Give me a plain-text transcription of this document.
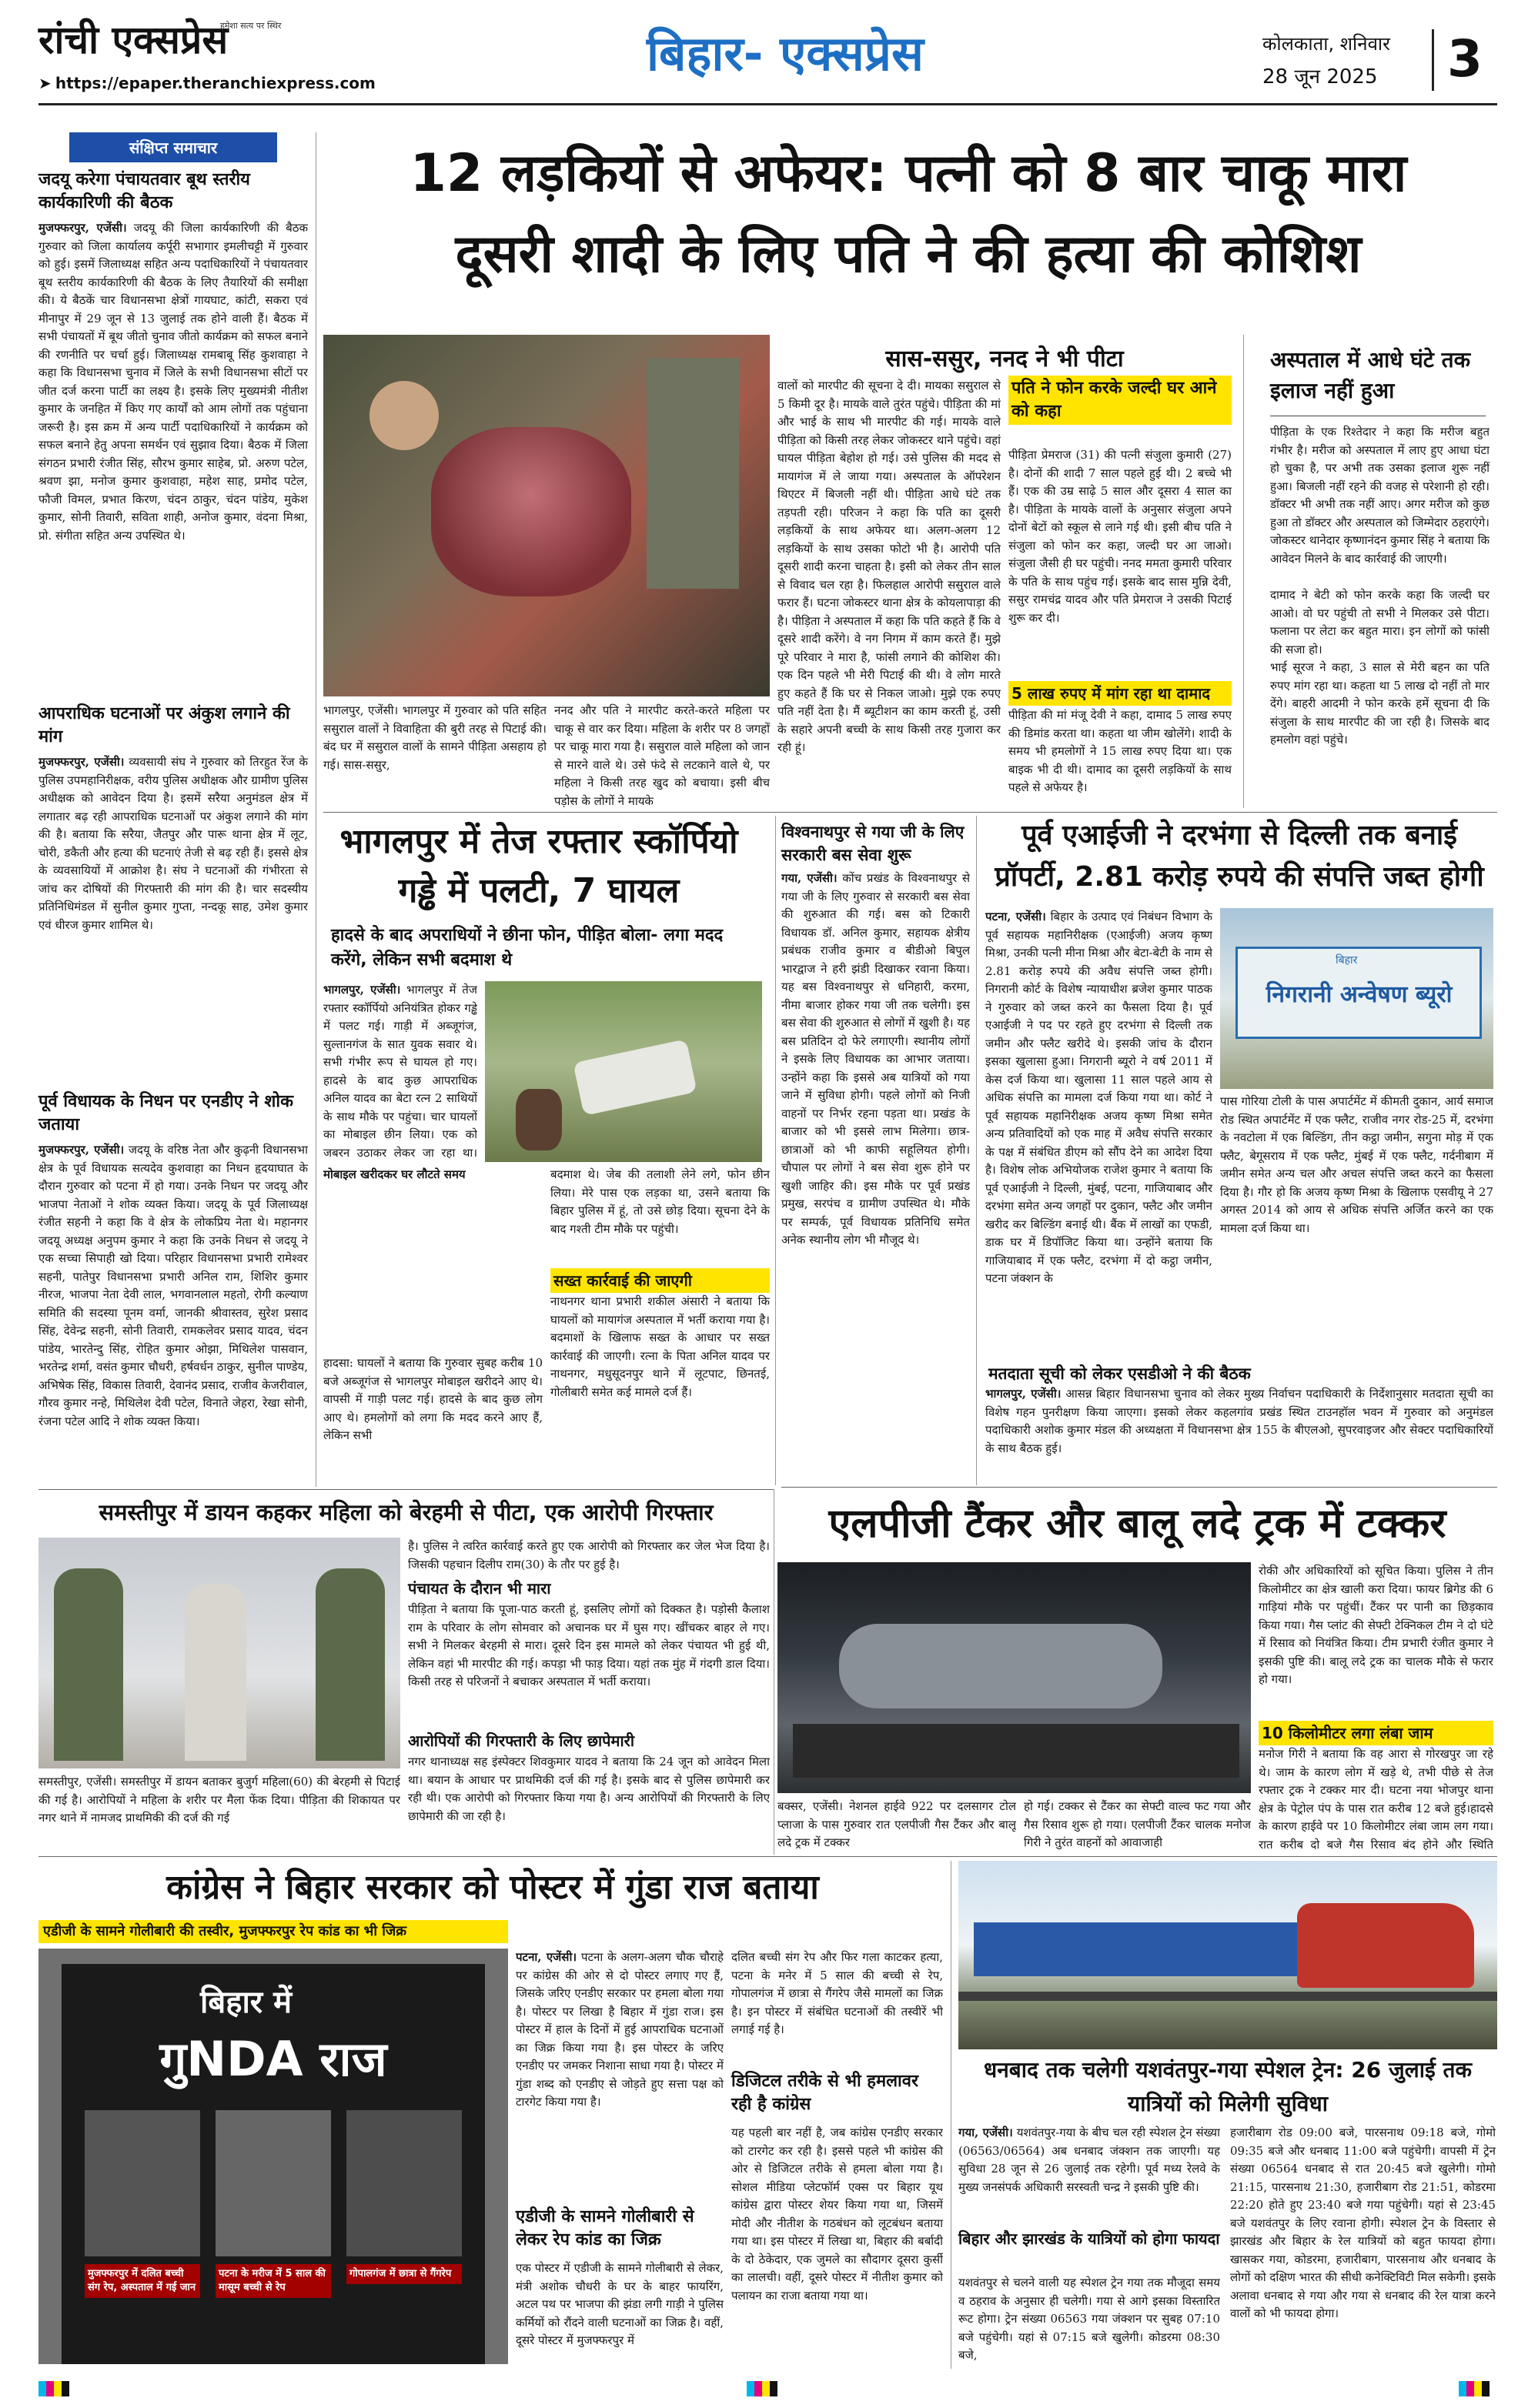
रांची एक्सप्रेस
हमेशा सत्य पर स्थिर
➤ https://epaper.theranchiexpress.com
बिहार- एक्सप्रेस	कोलकाता, शनिवार
28 जून 2025	3
संक्षिप्त समाचार
जदयू करेगा पंचायतवार बूथ स्तरीय कार्यकारिणी की बैठक
मुजफ्फरपुर, एजेंसी। जदयू की जिला कार्यकारिणी की बैठक गुरुवार को जिला कार्यालय कर्पूरी सभागार इमलीचट्टी में गुरुवार को हुई। इसमें जिलाध्यक्ष सहित अन्य पदाधिकारियों ने पंचायतवार बूथ स्तरीय कार्यकारिणी की बैठक के लिए तैयारियों की समीक्षा की। ये बैठकें चार विधानसभा क्षेत्रों गायघाट, कांटी, सकरा एवं मीनापुर में 29 जून से 13 जुलाई तक होने वाली हैं। बैठक में सभी पंचायतों में बूथ जीतो चुनाव जीतो कार्यक्रम को सफल बनाने की रणनीति पर चर्चा हुई। जिलाध्यक्ष रामबाबू सिंह कुशवाहा ने कहा कि विधानसभा चुनाव में जिले के सभी विधानसभा सीटों पर जीत दर्ज करना पार्टी का लक्ष्य है। इसके लिए मुख्यमंत्री नीतीश कुमार के जनहित में किए गए कार्यों को आम लोगों तक पहुंचाना जरूरी है। इस क्रम में अन्य पार्टी पदाधिकारियों ने कार्यक्रम को सफल बनाने हेतु अपना समर्थन एवं सुझाव दिया। बैठक में जिला संगठन प्रभारी रंजीत सिंह, सौरभ कुमार साहेब, प्रो. अरुण पटेल, श्रवण झा, मनोज कुमार कुशवाहा, महेश साह, प्रमोद पटेल, फौजी विमल, प्रभात किरण, चंदन ठाकुर, चंदन पांडेय, मुकेश कुमार, सोनी तिवारी, सविता शाही, अनोज कुमार, वंदना मिश्रा, प्रो. संगीता सहित अन्य उपस्थित थे।
आपराधिक घटनाओं पर अंकुश लगाने की मांग
मुजफ्फरपुर, एजेंसी। व्यवसायी संघ ने गुरुवार को तिरहुत रेंज के पुलिस उपमहानिरीक्षक, वरीय पुलिस अधीक्षक और ग्रामीण पुलिस अधीक्षक को आवेदन दिया है। इसमें सरैया अनुमंडल क्षेत्र में लगातार बढ़ रही आपराधिक घटनाओं पर अंकुश लगाने की मांग की है। बताया कि सरैया, जैतपुर और पारू थाना क्षेत्र में लूट, चोरी, डकैती और हत्या की घटनाएं तेजी से बढ़ रही हैं। इससे क्षेत्र के व्यवसायियों में आक्रोश है। संघ ने घटनाओं की गंभीरता से जांच कर दोषियों की गिरफ्तारी की मांग की है। चार सदस्यीय प्रतिनिधिमंडल में सुनील कुमार गुप्ता, नन्दकू साह, उमेश कुमार एवं धीरज कुमार शामिल थे।
पूर्व विधायक के निधन पर एनडीए ने शोक जताया
मुजफ्फरपुर, एजेंसी। जदयू के वरिष्ठ नेता और कुढ़नी विधानसभा क्षेत्र के पूर्व विधायक सत्यदेव कुशवाहा का निधन हृदयाघात के दौरान गुरुवार को पटना में हो गया। उनके निधन पर जदयू और भाजपा नेताओं ने शोक व्यक्त किया। जदयू के पूर्व जिलाध्यक्ष रंजीत सहनी ने कहा कि वे क्षेत्र के लोकप्रिय नेता थे। महानगर जदयू अध्यक्ष अनुपम कुमार ने कहा कि उनके निधन से जदयू ने एक सच्चा सिपाही खो दिया। परिहार विधानसभा प्रभारी रामेश्वर सहनी, पातेपुर विधानसभा प्रभारी अनिल राम, शिशिर कुमार नीरज, भाजपा नेता देवी लाल, भगवानलाल महतो, रोगी कल्याण समिति की सदस्या पूनम वर्मा, जानकी श्रीवास्तव, सुरेश प्रसाद सिंह, देवेन्द्र सहनी, सोनी तिवारी, रामकलेवर प्रसाद यादव, चंदन पांडेय, भारतेन्दु सिंह, रोहित कुमार ओझा, मिथिलेश पासवान, भरतेन्द्र शर्मा, वसंत कुमार चौधरी, हर्षवर्धन ठाकुर, सुनील पाण्डेय, अभिषेक सिंह, विकास तिवारी, देवानंद प्रसाद, राजीव केजरीवाल, गौरव कुमार नन्हे, मिथिलेश देवी पटेल, विनाते जेहरा, रेखा सोनी, रंजना पटेल आदि ने शोक व्यक्त किया।
12 लड़कियों से अफेयर: पत्नी को 8 बार चाकू मारा
दूसरी शादी के लिए पति ने की हत्या की कोशिश
सास-ससुर, ननद ने भी पीटा
भागलपुर, एजेंसी। भागलपुर में गुरुवार को पति सहित ससुराल वालों ने विवाहिता की बुरी तरह से पिटाई की। बंद घर में ससुराल वालों के सामने पीड़िता असहाय हो गई। सास-ससुर,
ननद और पति ने मारपीट करते-करते महिला पर चाकू से वार कर दिया। महिला के शरीर पर 8 जगहों पर चाकू मारा गया है। ससुराल वाले महिला को जान से मारने वाले थे। उसे फंदे से लटकाने वाले थे, पर महिला ने किसी तरह खुद को बचाया। इसी बीच पड़ोस के लोगों ने मायके
वालों को मारपीट की सूचना दे दी। मायका ससुराल से 5 किमी दूर है। मायके वाले तुरंत पहुंचे। पीड़िता की मां और भाई के साथ भी मारपीट की गई। मायके वाले पीड़िता को किसी तरह लेकर जोकस्टर थाने पहुंचे। वहां घायल पीड़िता बेहोश हो गई। उसे पुलिस की मदद से मायागंज में ले जाया गया। अस्पताल के ऑपरेशन थिएटर में बिजली नहीं थी। पीड़िता आधे घंटे तक तड़पती रही। परिजन ने कहा कि पति का दूसरी लड़कियों के साथ अफेयर था। अलग-अलग 12 लड़कियों के साथ उसका फोटो भी है। आरोपी पति दूसरी शादी करना चाहता है। इसी को लेकर तीन साल से विवाद चल रहा है। फिलहाल आरोपी ससुराल वाले फरार हैं। घटना जोकस्टर थाना क्षेत्र के कोयलापाड़ा की है। पीड़िता ने अस्पताल में कहा कि पति कहते हैं कि वे दूसरे शादी करेंगे। वे नग निगम में काम करते हैं। मुझे पूरे परिवार ने मारा है, फांसी लगाने की कोशिश की। एक दिन पहले भी मेरी पिटाई की थी। वे लोग मारते हुए कहते हैं कि घर से निकल जाओ। मुझे एक रुपए पति नहीं देता है। मैं ब्यूटीशन का काम करती हूं, उसी के सहारे अपनी बच्ची के साथ किसी तरह गुजारा कर रही हूं।
पति ने फोन करके जल्दी घर आने को कहा
पीड़िता प्रेमराज (31) की पत्नी संजुला कुमारी (27) है। दोनों की शादी 7 साल पहले हुई थी। 2 बच्चे भी हैं। एक की उम्र साढ़े 5 साल और दूसरा 4 साल का है। पीड़िता के मायके वालों के अनुसार संजुला अपने दोनों बेटों को स्कूल से लाने गई थी। इसी बीच पति ने संजुला को फोन कर कहा, जल्दी घर आ जाओ। संजुला जैसी ही घर पहुंची। ननद ममता कुमारी परिवार के पति के साथ पहुंच गई। इसके बाद सास मुन्नि देवी, ससुर रामचंद्र यादव और पति प्रेमराज ने उसकी पिटाई शुरू कर दी।
5 लाख रुपए में मांग रहा था दामाद
पीड़िता की मां मंजू देवी ने कहा, दामाद 5 लाख रुपए की डिमांड करता था। कहता था जीम खोलेंगे। शादी के समय भी हमलोगों ने 15 लाख रुपए दिया था। एक बाइक भी दी थी। दामाद का दूसरी लड़कियों के साथ पहले से अफेयर है।
अस्पताल में आधे घंटे तक इलाज नहीं हुआ
पीड़िता के एक रिश्तेदार ने कहा कि मरीज बहुत गंभीर है। मरीज को अस्पताल में लाए हुए आधा घंटा हो चुका है, पर अभी तक उसका इलाज शुरू नहीं हुआ। बिजली नहीं रहने की वजह से परेशानी हो रही। डॉक्टर भी अभी तक नहीं आए। अगर मरीज को कुछ हुआ तो डॉक्टर और अस्पताल को जिम्मेदार ठहराएंगे। जोकस्टर थानेदार कृष्णानंदन कुमार सिंह ने बताया कि आवेदन मिलने के बाद कार्रवाई की जाएगी।
दामाद ने बेटी को फोन करके कहा कि जल्दी घर आओ। वो घर पहुंची तो सभी ने मिलकर उसे पीटा। फलाना पर लेटा कर बहुत मारा। इन लोगों को फांसी की सजा हो।
भाई सूरज ने कहा, 3 साल से मेरी बहन का पति रुपए मांग रहा था। कहता था 5 लाख दो नहीं तो मार देंगे। बाहरी आदमी ने फोन करके हमें सूचना दी कि संजुला के साथ मारपीट की जा रही है। जिसके बाद हमलोग वहां पहुंचे।
भागलपुर में तेज रफ्तार स्कॉर्पियो गड्ढे में पलटी, 7 घायल
हादसे के बाद अपराधियों ने छीना फोन, पीड़ित बोला- लगा मदद करेंगे, लेकिन सभी बदमाश थे
भागलपुर, एजेंसी। भागलपुर में तेज रफ्तार स्कॉर्पियो अनियंत्रित होकर गड्ढे में पलट गई। गाड़ी में अब्जूगंज, सुल्तानगंज के सात युवक सवार थे। सभी गंभीर रूप से घायल हो गए। हादसे के बाद कुछ आपराधिक अनिल यादव का बेटा रत्न 2 साथियों के साथ मौके पर पहुंचा। चार घायलों का मोबाइल छीन लिया। एक को जबरन उठाकर लेकर जा रहा था।
मोबाइल खरीदकर घर लौटते समय
हादसा: घायलों ने बताया कि गुरुवार सुबह करीब 10 बजे अब्जूगंज से भागलपुर मोबाइल खरीदने आए थे। वापसी में गाड़ी पलट गई। हादसे के बाद कुछ लोग आए थे। हमलोगों को लगा कि मदद करने आए हैं, लेकिन सभी
बदमाश थे। जेब की तलाशी लेने लगे, फोन छीन लिया। मेरे पास एक लड़का था, उसने बताया कि बिहार पुलिस में हूं, तो उसे छोड़ दिया। सूचना देने के बाद गश्ती टीम मौके पर पहुंची।
सख्त कार्रवाई की जाएगी
नाथनगर थाना प्रभारी शकील अंसारी ने बताया कि घायलों को मायागंज अस्पताल में भर्ती कराया गया है। बदमाशों के खिलाफ सख्त के आधार पर सख्त कार्रवाई की जाएगी। रत्ना के पिता अनिल यादव पर नाथनगर, मधुसूदनपुर थाने में लूटपाट, छिनतई, गोलीबारी समेत कई मामले दर्ज हैं।
विश्वनाथपुर से गया जी के लिए सरकारी बस सेवा शुरू
गया, एजेंसी। कोंच प्रखंड के विश्वनाथपुर से गया जी के लिए गुरुवार से सरकारी बस सेवा की शुरुआत की गई। बस को टिकारी विधायक डॉ. अनिल कुमार, सहायक क्षेत्रीय प्रबंधक राजीव कुमार व बीडीओ बिपुल भारद्वाज ने हरी झंडी दिखाकर रवाना किया। यह बस विश्वनाथपुर से धनिहारी, करमा, नीमा बाजार होकर गया जी तक चलेगी। इस बस सेवा की शुरुआत से लोगों में खुशी है। यह बस प्रतिदिन दो फेरे लगाएगी। स्थानीय लोगों ने इसके लिए विधायक का आभार जताया। उन्होंने कहा कि इससे अब यात्रियों को गया जाने में सुविधा होगी। पहले लोगों को निजी वाहनों पर निर्भर रहना पड़ता था। प्रखंड के बाजार को भी इससे लाभ मिलेगा। छात्र-छात्राओं को भी काफी सहूलियत होगी। चौपाल पर लोगों ने बस सेवा शुरू होने पर खुशी जाहिर की। इस मौके पर पूर्व प्रखंड प्रमुख, सरपंच व ग्रामीण उपस्थित थे। मौके पर सम्पर्क, पूर्व विधायक प्रतिनिधि समेत अनेक स्थानीय लोग भी मौजूद थे।
पूर्व एआईजी ने दरभंगा से दिल्ली तक बनाई
प्रॉपर्टी, 2.81 करोड़ रुपये की संपत्ति जब्त होगी
पटना, एजेंसी। बिहार के उत्पाद एवं निबंधन विभाग के पूर्व सहायक महानिरीक्षक (एआईजी) अजय कृष्ण मिश्रा, उनकी पत्नी मीना मिश्रा और बेटा-बेटी के नाम से 2.81 करोड़ रुपये की अवैध संपत्ति जब्त होगी। निगरानी कोर्ट के विशेष न्यायाधीश ब्रजेश कुमार पाठक ने गुरुवार को जब्त करने का फैसला दिया है। पूर्व एआईजी ने पद पर रहते हुए दरभंगा से दिल्ली तक जमीन और फ्लैट खरीदे थे। इसकी जांच के दौरान इसका खुलासा हुआ। निगरानी ब्यूरो ने वर्ष 2011 में केस दर्ज किया था। खुलासा 11 साल पहले आय से अधिक संपत्ति का मामला दर्ज किया गया था। कोर्ट ने पूर्व सहायक महानिरीक्षक अजय कृष्ण मिश्रा समेत अन्य प्रतिवादियों को एक माह में अवैध संपत्ति सरकार के पक्ष में संबंधित डीएम को सौंप देने का आदेश दिया है। विशेष लोक अभियोजक राजेश कुमार ने बताया कि पूर्व एआईजी ने दिल्ली, मुंबई, पटना, गाजियाबाद और दरभंगा समेत अन्य जगहों पर दुकान, फ्लैट और जमीन खरीद कर बिल्डिंग बनाई थी। बैंक में लाखों का एफडी, डाक घर में डिपॉजिट किया था। उन्होंने बताया कि गाजियाबाद में एक फ्लैट, दरभंगा में दो कट्ठा जमीन, पटना जंक्शन के
बिहार
निगरानी अन्वेषण ब्यूरो
पास गोरिया टोली के पास अपार्टमेंट में कीमती दुकान, आर्य समाज रोड स्थित अपार्टमेंट में एक फ्लैट, राजीव नगर रोड-25 में, दरभंगा के नवटोला में एक बिल्डिंग, तीन कट्ठा जमीन, सगुना मोड़ में एक फ्लैट, बेगूसराय में एक फ्लैट, मुंबई में एक फ्लैट, गर्दनीबाग में जमीन समेत अन्य चल और अचल संपत्ति जब्त करने का फैसला दिया है। गौर हो कि अजय कृष्ण मिश्रा के खिलाफ एसवीयू ने 27 अगस्त 2014 को आय से अधिक संपत्ति अर्जित करने का एक मामला दर्ज किया था।
मतदाता सूची को लेकर एसडीओ ने की बैठक
भागलपुर, एजेंसी। आसन्न बिहार विधानसभा चुनाव को लेकर मुख्य निर्वाचन पदाधिकारी के निर्देशानुसार मतदाता सूची का विशेष गहन पुनरीक्षण किया जाएगा। इसको लेकर कहलगांव प्रखंड स्थित टाउनहॉल भवन में गुरुवार को अनुमंडल पदाधिकारी अशोक कुमार मंडल की अध्यक्षता में विधानसभा क्षेत्र 155 के बीएलओ, सुपरवाइजर और सेक्टर पदाधिकारियों के साथ बैठक हुई।
एलपीजी टैंकर और बालू लदे ट्रक में टक्कर
बक्सर, एजेंसी। नेशनल हाईवे 922 पर दलसागर टोल प्लाजा के पास गुरुवार रात एलपीजी गैस टैंकर और बालू लदे ट्रक में टक्कर
हो गई। टक्कर से टैंकर का सेफ्टी वाल्व फट गया और गैस रिसाव शुरू हो गया। एलपीजी टैंकर चालक मनोज गिरी ने तुरंत वाहनों को आवाजाही
रोकी और अधिकारियों को सूचित किया। पुलिस ने तीन किलोमीटर का क्षेत्र खाली करा दिया। फायर ब्रिगेड की 6 गाड़ियां मौके पर पहुंचीं। टैंकर पर पानी का छिड़काव किया गया। गैस प्लांट की सेफ्टी टेक्निकल टीम ने दो घंटे में रिसाव को नियंत्रित किया। टीम प्रभारी रंजीत कुमार ने इसकी पुष्टि की। बालू लदे ट्रक का चालक मौके से फरार हो गया।
10 किलोमीटर लगा लंबा जाम
मनोज गिरी ने बताया कि वह आरा से गोरखपुर जा रहे थे। जाम के कारण लोग में खड़े थे, तभी पीछे से तेज रफ्तार ट्रक ने टक्कर मार दी। घटना नया भोजपुर थाना क्षेत्र के पेट्रोल पंप के पास रात करीब 12 बजे हुई।हादसे के कारण हाईवे पर 10 किलोमीटर लंबा जाम लग गया। रात करीब दो बजे गैस रिसाव बंद होने और स्थिति
समस्तीपुर में डायन कहकर महिला को बेरहमी से पीटा, एक आरोपी गिरफ्तार
समस्तीपुर, एजेंसी। समस्तीपुर में डायन बताकर बुजुर्ग महिला(60) की बेरहमी से पिटाई की गई है। आरोपियों ने महिला के शरीर पर मैला फेंक दिया। पीड़िता की शिकायत पर नगर थाने में नामजद प्राथमिकी की दर्ज की गई
है। पुलिस ने त्वरित कार्रवाई करते हुए एक आरोपी को गिरफ्तार कर जेल भेज दिया है। जिसकी पहचान दिलीप राम(30) के तौर पर हुई है।
पंचायत के दौरान भी मारा
पीड़िता ने बताया कि पूजा-पाठ करती हूं, इसलिए लोगों को दिक्कत है। पड़ोसी कैलाश राम के परिवार के लोग सोमवार को अचानक घर में घुस गए। खींचकर बाहर ले गए। सभी ने मिलकर बेरहमी से मारा। दूसरे दिन इस मामले को लेकर पंचायत भी हुई थी, लेकिन वहां भी मारपीट की गई। कपड़ा भी फाड़ दिया। यहां तक मुंह में गंदगी डाल दिया। किसी तरह से परिजनों ने बचाकर अस्पताल में भर्ती कराया।
आरोपियों की गिरफ्तारी के लिए छापेमारी
नगर थानाध्यक्ष सह इंस्पेक्टर शिवकुमार यादव ने बताया कि 24 जून को आवेदन मिला था। बयान के आधार पर प्राथमिकी दर्ज की गई है। इसके बाद से पुलिस छापेमारी कर रही थी। एक आरोपी को गिरफ्तार किया गया है। अन्य आरोपियों की गिरफ्तारी के लिए छापेमारी की जा रही है।
कांग्रेस ने बिहार सरकार को पोस्टर में गुंडा राज बताया
एडीजी के सामने गोलीबारी की तस्वीर, मुजफ्फरपुर रेप कांड का भी जिक्र
बिहार में
गुNDA राज
मुजफ्फरपुर में दलित बच्ची संग रेप, अस्पताल में गई जान
पटना के मरीज में 5 साल की मासूम बच्ची से रेप
गोपालगंज में छात्रा से गैंगरेप
पटना, एजेंसी। पटना के अलग-अलग चौक चौराहे पर कांग्रेस की ओर से दो पोस्टर लगाए गए हैं, जिसके जरिए एनडीए सरकार पर हमला बोला गया है। पोस्टर पर लिखा है बिहार में गुंडा राज। इस पोस्टर में हाल के दिनों में हुई आपराधिक घटनाओं का जिक्र किया गया है। इस पोस्टर के जरिए एनडीए पर जमकर निशाना साधा गया है। पोस्टर में गुंडा शब्द को एनडीए से जोड़ते हुए सत्ता पक्ष को टारगेट किया गया है।
एडीजी के सामने गोलीबारी से लेकर रेप कांड का जिक्र
एक पोस्टर में एडीजी के सामने गोलीबारी से लेकर, मंत्री अशोक चौधरी के घर के बाहर फायरिंग, अटल पथ पर भाजपा की झंडा लगी गाड़ी ने पुलिस कर्मियों को रौंदने वाली घटनाओं का जिक्र है। वहीं, दूसरे पोस्टर में मुजफ्फरपुर में
दलित बच्ची संग रेप और फिर गला काटकर हत्या, पटना के मनेर में 5 साल की बच्ची से रेप, गोपालगंज में छात्रा से गैंगरेप जैसे मामलों का जिक्र है। इन पोस्टर में संबंधित घटनाओं की तस्वीरें भी लगाई गई है।
डिजिटल तरीके से भी हमलावर रही है कांग्रेस
यह पहली बार नहीं है, जब कांग्रेस एनडीए सरकार को टारगेट कर रही है। इससे पहले भी कांग्रेस की ओर से डिजिटल तरीके से हमला बोला गया है। सोशल मीडिया प्लेटफॉर्म एक्स पर बिहार यूथ कांग्रेस द्वारा पोस्टर शेयर किया गया था, जिसमें मोदी और नीतीश के गठबंधन को लूटबंधन बताया गया था। इस पोस्टर में लिखा था, बिहार की बर्बादी के दो ठेकेदार, एक जुमले का सौदागर दूसरा कुर्सी का लालची। वहीं, दूसरे पोस्टर में नीतीश कुमार को पलायन का राजा बताया गया था।
धनबाद तक चलेगी यशवंतपुर-गया स्पेशल ट्रेन: 26 जुलाई तक यात्रियों को मिलेगी सुविधा
गया, एजेंसी। यशवंतपुर-गया के बीच चल रही स्पेशल ट्रेन संख्या (06563/06564) अब धनबाद जंक्शन तक जाएगी। यह सुविधा 28 जून से 26 जुलाई तक रहेगी। पूर्व मध्य रेलवे के मुख्य जनसंपर्क अधिकारी सरस्वती चन्द्र ने इसकी पुष्टि की।
बिहार और झारखंड के यात्रियों को होगा फायदा
यशवंतपुर से चलने वाली यह स्पेशल ट्रेन गया तक मौजूदा समय व ठहराव के अनुसार ही चलेगी। गया से आगे इसका विस्तारित रूट होगा। ट्रेन संख्या 06563 गया जंक्शन पर सुबह 07:10 बजे पहुंचेगी। यहां से 07:15 बजे खुलेगी। कोडरमा 08:30 बजे,
हजारीबाग रोड 09:00 बजे, पारसनाथ 09:18 बजे, गोमो 09:35 बजे और धनबाद 11:00 बजे पहुंचेगी। वापसी में ट्रेन संख्या 06564 धनबाद से रात 20:45 बजे खुलेगी। गोमो 21:15, पारसनाथ 21:30, हजारीबाग रोड 21:51, कोडरमा 22:20 होते हुए 23:40 बजे गया पहुंचेगी। यहां से 23:45 बजे यशवंतपुर के लिए रवाना होगी। स्पेशल ट्रेन के विस्तार से झारखंड और बिहार के रेल यात्रियों को बहुत फायदा होगा। खासकर गया, कोडरमा, हजारीबाग, पारसनाथ और धनबाद के लोगों को दक्षिण भारत की सीधी कनेक्टिविटी मिल सकेगी। इसके अलावा धनबाद से गया और गया से धनबाद की रेल यात्रा करने वालों को भी फायदा होगा।
